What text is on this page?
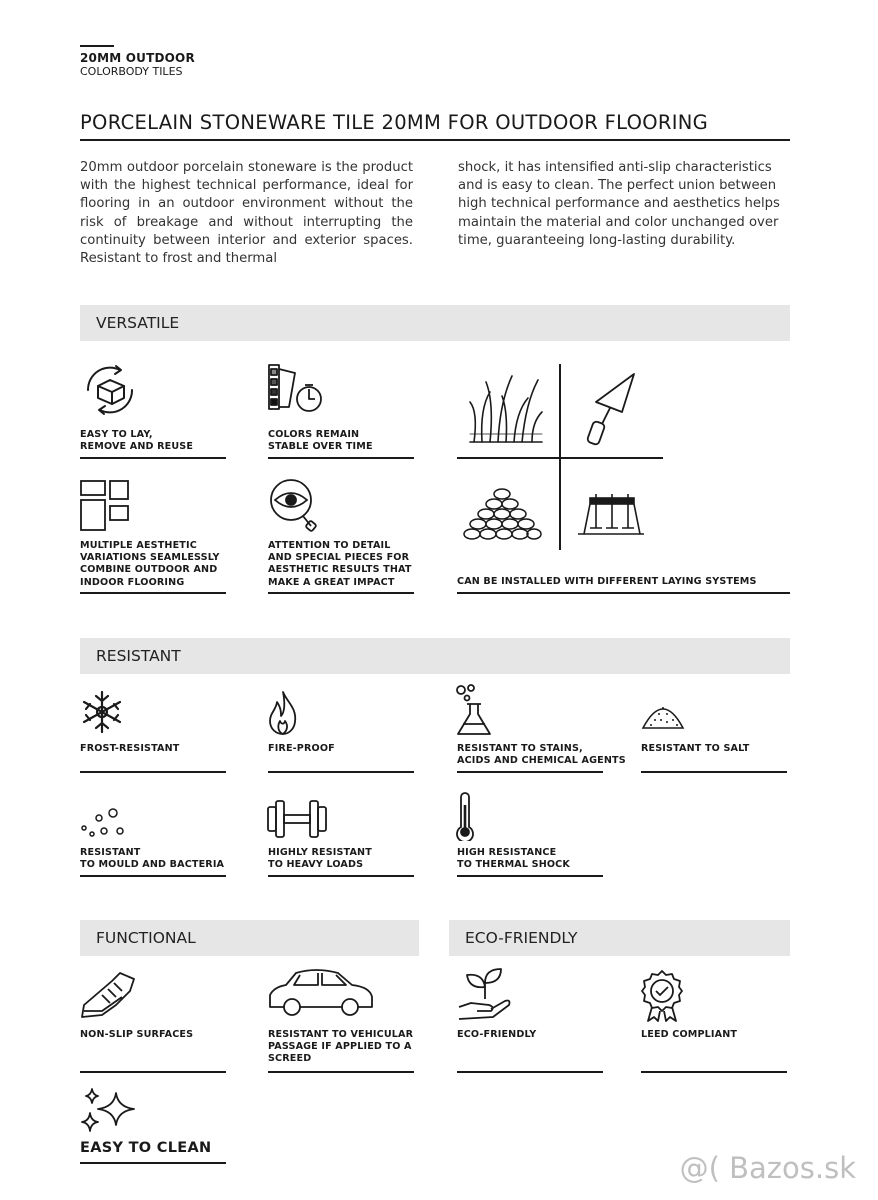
20MM OUTDOOR
COLORBODY TILES
PORCELAIN STONEWARE TILE 20MM FOR OUTDOOR FLOORING
20mm outdoor porcelain stoneware is the product with the highest technical performance, ideal for flooring in an outdoor environment without the risk of breakage and without interrupting the continuity between interior and exterior spaces. Resistant to frost and thermal
shock, it has intensified anti-slip characteristics and is easy to clean. The perfect union between high technical performance and aesthetics helps maintain the material and color unchanged over time, guaranteeing long-lasting durability.
VERSATILE
EASY TO LAY,
REMOVE AND REUSE
COLORS REMAIN
STABLE OVER TIME
MULTIPLE AESTHETIC
VARIATIONS SEAMLESSLY
COMBINE OUTDOOR AND
INDOOR FLOORING
ATTENTION TO DETAIL
AND SPECIAL PIECES FOR
AESTHETIC RESULTS THAT
MAKE A GREAT IMPACT	CAN BE INSTALLED WITH DIFFERENT LAYING SYSTEMS
RESISTANT
FROST-RESISTANT	FIRE-PROOF	RESISTANT TO STAINS,
ACIDS AND CHEMICAL AGENTS
RESISTANT TO SALT
RESISTANT
TO MOULD AND BACTERIA
HIGHLY RESISTANT
TO HEAVY LOADS
HIGH RESISTANCE
TO THERMAL SHOCK
FUNCTIONAL	ECO-FRIENDLY
NON-SLIP SURFACES	RESISTANT TO VEHICULAR
PASSAGE IF APPLIED TO A
SCREED
ECO-FRIENDLY	LEED COMPLIANT
EASY TO CLEAN
@( Bazos.sk
